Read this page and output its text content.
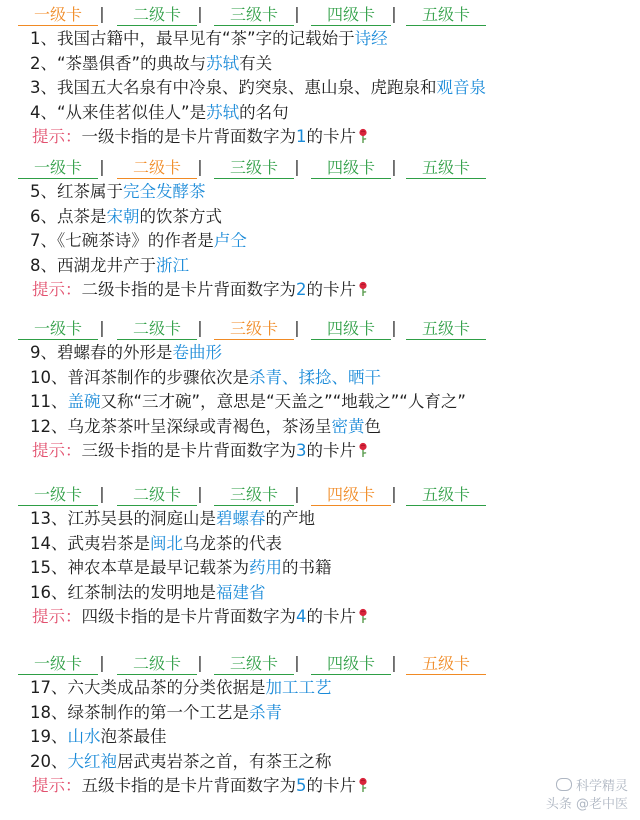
一级卡	二级卡	三级卡	四级卡	五级卡
|	|	|	|
1、我国古籍中，最早见有“茶”字的记载始于诗经
2、“茶墨俱香”的典故与苏轼有关
3、我国五大名泉有中冷泉、趵突泉、惠山泉、虎跑泉和观音泉
4、“从来佳茗似佳人”是苏轼的名句
提示：一级卡指的是卡片背面数字为1的卡片
一级卡	二级卡	三级卡	四级卡	五级卡
|	|	|	|
5、红茶属于完全发酵茶
6、点茶是宋朝的饮茶方式
7、《七碗茶诗》的作者是卢仝
8、西湖龙井产于浙江
提示：二级卡指的是卡片背面数字为2的卡片
一级卡	二级卡	三级卡	四级卡	五级卡
|	|	|	|
9、碧螺春的外形是卷曲形
10、普洱茶制作的步骤依次是杀青、揉捻、晒干
11、盖碗又称“三才碗”，意思是“天盖之”“地载之”“人育之”
12、乌龙茶茶叶呈深绿或青褐色，茶汤呈密黄色
提示：三级卡指的是卡片背面数字为3的卡片
一级卡	二级卡	三级卡	四级卡	五级卡
|	|	|	|
13、江苏吴县的洞庭山是碧螺春的产地
14、武夷岩茶是闽北乌龙茶的代表
15、神农本草是最早记载茶为药用的书籍
16、红茶制法的发明地是福建省
提示：四级卡指的是卡片背面数字为4的卡片
一级卡	二级卡	三级卡	四级卡	五级卡
|	|	|	|
17、六大类成品茶的分类依据是加工工艺
18、绿茶制作的第一个工艺是杀青
19、山水泡茶最佳
20、大红袍居武夷岩茶之首，有茶王之称
提示：五级卡指的是卡片背面数字为5的卡片	科学精灵
头条 @老中医
